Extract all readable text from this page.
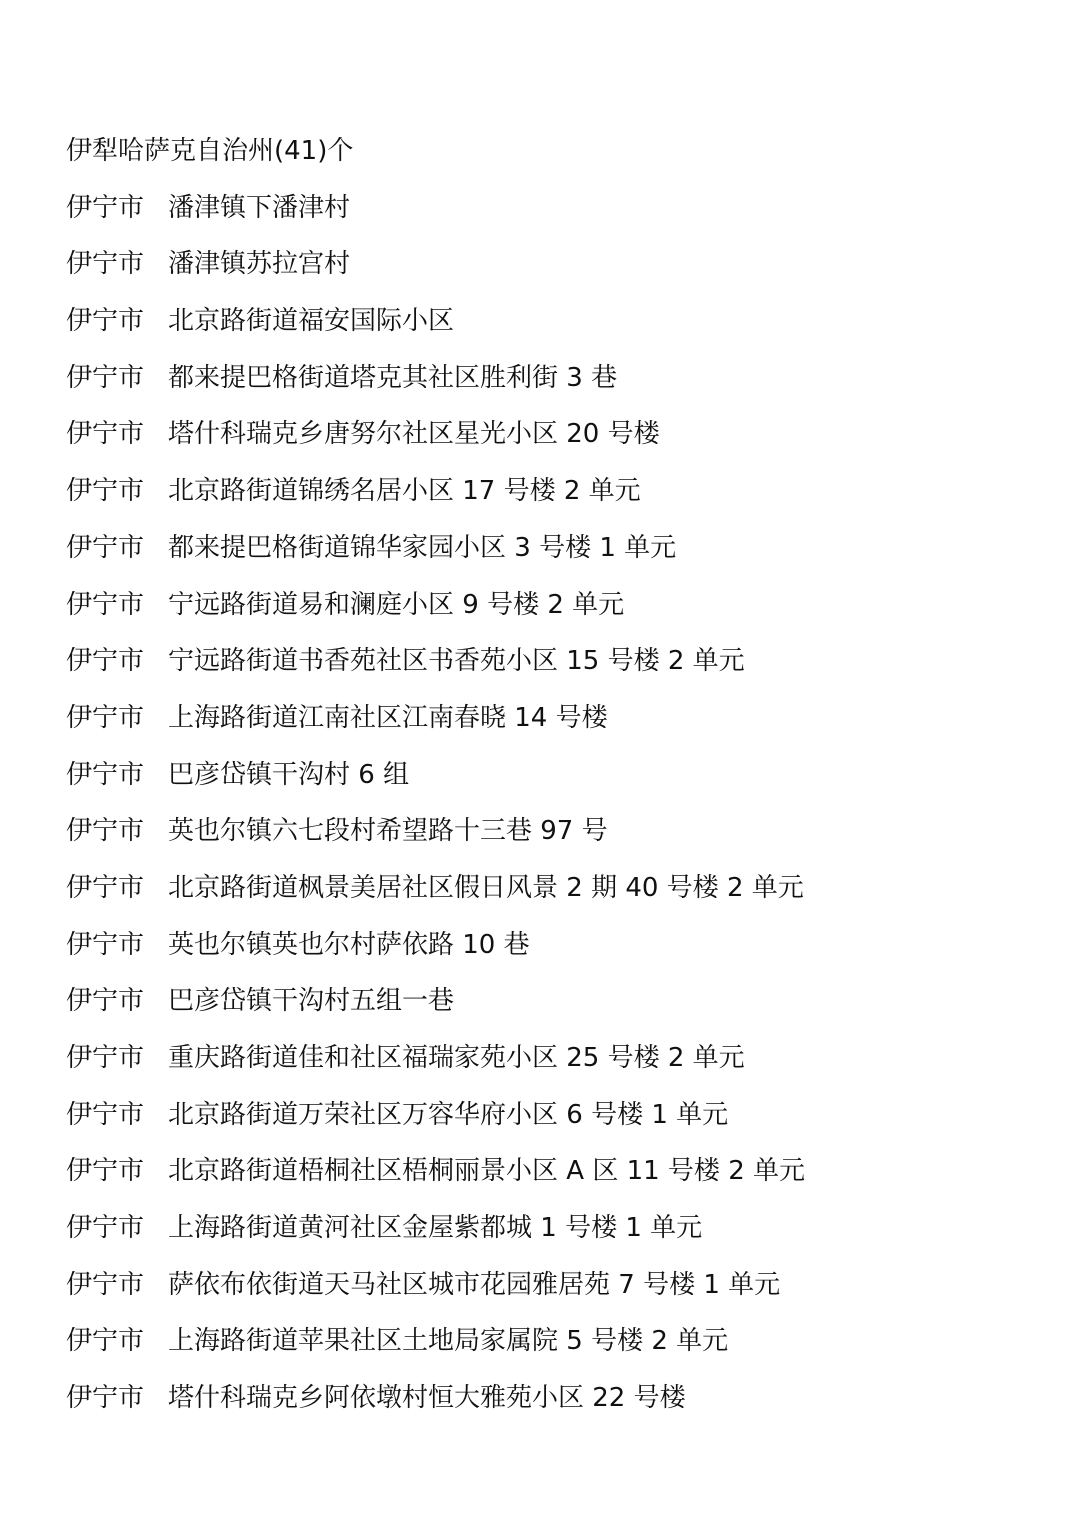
伊犁哈萨克自治州(41)个
伊宁市 潘津镇下潘津村
伊宁市 潘津镇苏拉宫村
伊宁市 北京路街道福安国际小区
伊宁市 都来提巴格街道塔克其社区胜利街 3 巷
伊宁市 塔什科瑞克乡唐努尔社区星光小区 20 号楼
伊宁市 北京路街道锦绣名居小区 17 号楼 2 单元
伊宁市 都来提巴格街道锦华家园小区 3 号楼 1 单元
伊宁市 宁远路街道易和澜庭小区 9 号楼 2 单元
伊宁市 宁远路街道书香苑社区书香苑小区 15 号楼 2 单元
伊宁市 上海路街道江南社区江南春晓 14 号楼
伊宁市 巴彦岱镇干沟村 6 组
伊宁市 英也尔镇六七段村希望路十三巷 97 号
伊宁市 北京路街道枫景美居社区假日风景 2 期 40 号楼 2 单元
伊宁市 英也尔镇英也尔村萨依路 10 巷
伊宁市 巴彦岱镇干沟村五组一巷
伊宁市 重庆路街道佳和社区福瑞家苑小区 25 号楼 2 单元
伊宁市 北京路街道万荣社区万容华府小区 6 号楼 1 单元
伊宁市 北京路街道梧桐社区梧桐丽景小区 A 区 11 号楼 2 单元
伊宁市 上海路街道黄河社区金屋紫都城 1 号楼 1 单元
伊宁市 萨依布依街道天马社区城市花园雅居苑 7 号楼 1 单元
伊宁市 上海路街道苹果社区土地局家属院 5 号楼 2 单元
伊宁市 塔什科瑞克乡阿依墩村恒大雅苑小区 22 号楼
